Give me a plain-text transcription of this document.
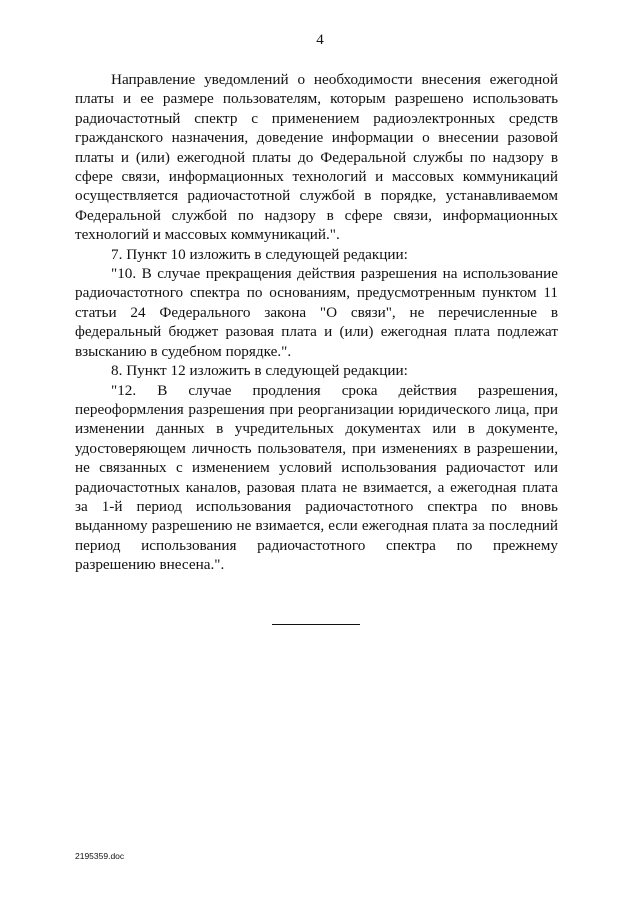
4

Направление уведомлений о необходимости внесения ежегодной платы и ее размере пользователям, которым разрешено использовать радиочастотный спектр с применением радиоэлектронных средств гражданского назначения, доведение информации о внесении разовой платы и (или) ежегодной платы до Федеральной службы по надзору в сфере связи, информационных технологий и массовых коммуникаций осуществляется радиочастотной службой в порядке, устанавливаемом Федеральной службой по надзору в сфере связи, информационных технологий и массовых коммуникаций.".

7. Пункт 10 изложить в следующей редакции:

"10. В случае прекращения действия разрешения на использование радиочастотного спектра по основаниям, предусмотренным пунктом 11 статьи 24 Федерального закона "О связи", не перечисленные в федеральный бюджет разовая плата и (или) ежегодная плата подлежат взысканию в судебном порядке.".

8. Пункт 12 изложить в следующей редакции:

"12. В случае продления срока действия разрешения, переоформления разрешения при реорганизации юридического лица, при изменении данных в учредительных документах или в документе, удостоверяющем личность пользователя, при изменениях в разрешении, не связанных с изменением условий использования радиочастот или радиочастотных каналов, разовая плата не взимается, а ежегодная плата за 1-й период использования радиочастотного спектра по вновь выданному разрешению не взимается, если ежегодная плата за последний период использования радиочастотного спектра по прежнему разрешению внесена.".

2195359.doc
